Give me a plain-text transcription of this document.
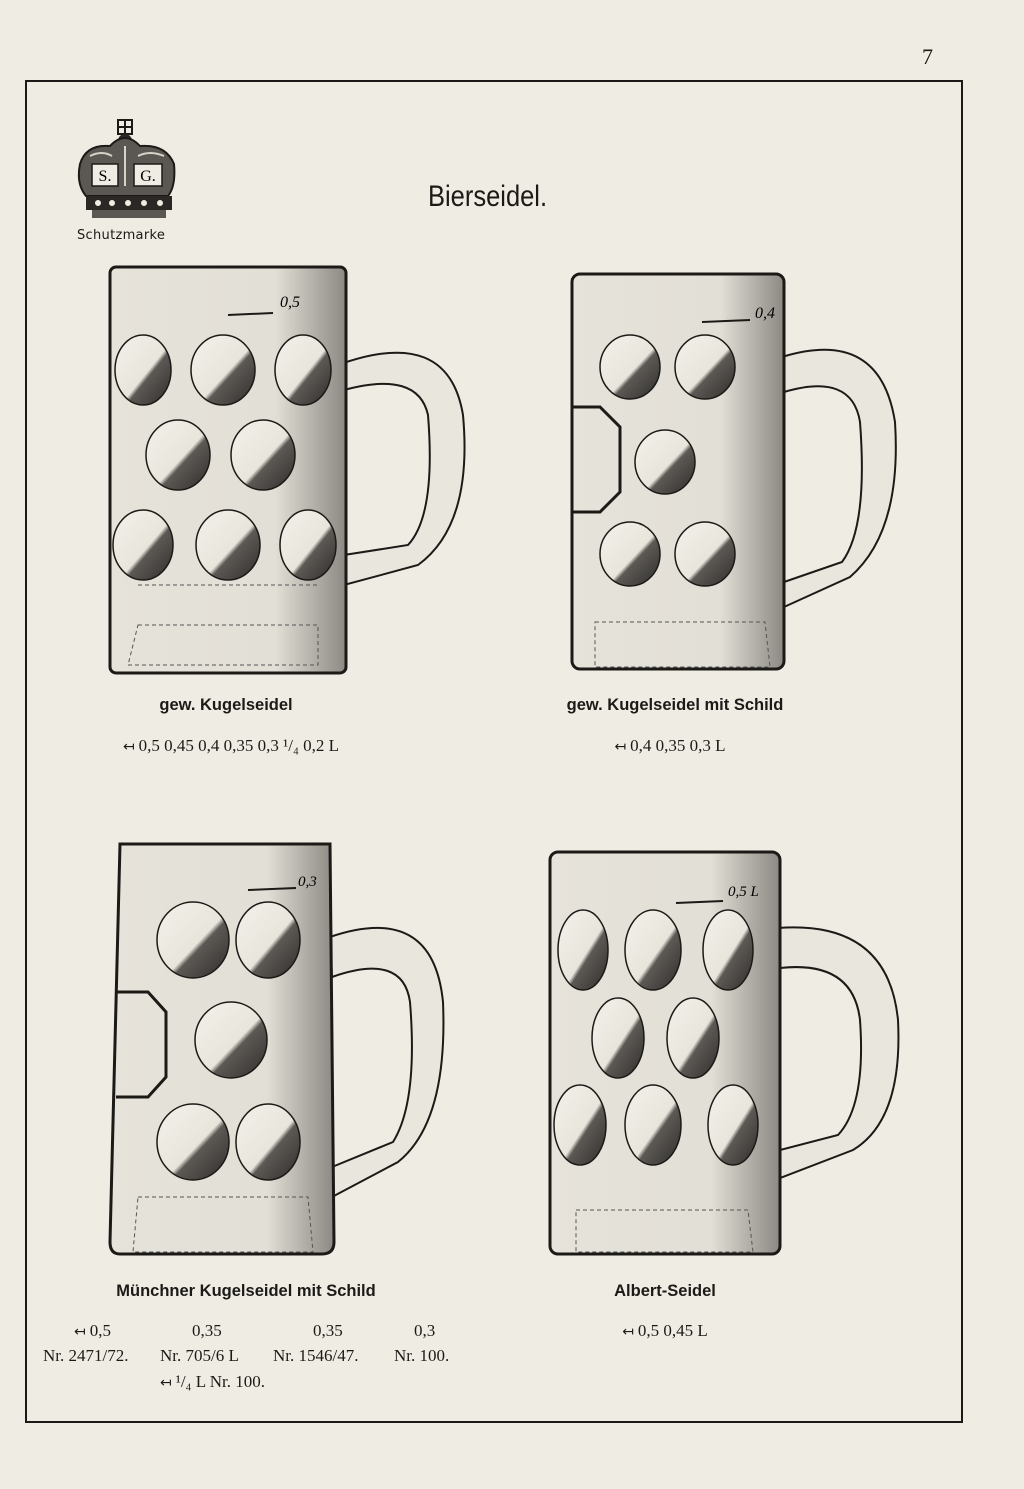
7
S. G.
Schutzmarke
Bierseidel.
0,5
gew. Kugelseidel
↤ 0,5 0,45 0,4 0,35 0,3 ¹/₄ 0,2 L
0,4
gew. Kugelseidel mit Schild
↤ 0,4 0,35 0,3 L
0,3
Münchner Kugelseidel mit Schild
↤ 0,5	0,35	0,35	0,3
Nr. 2471/72. Nr. 705/6 L Nr. 1546/47. Nr. 100.
↤ ¹/₄ L Nr. 100.
0,5 L
Albert-Seidel
↤ 0,5 0,45 L
